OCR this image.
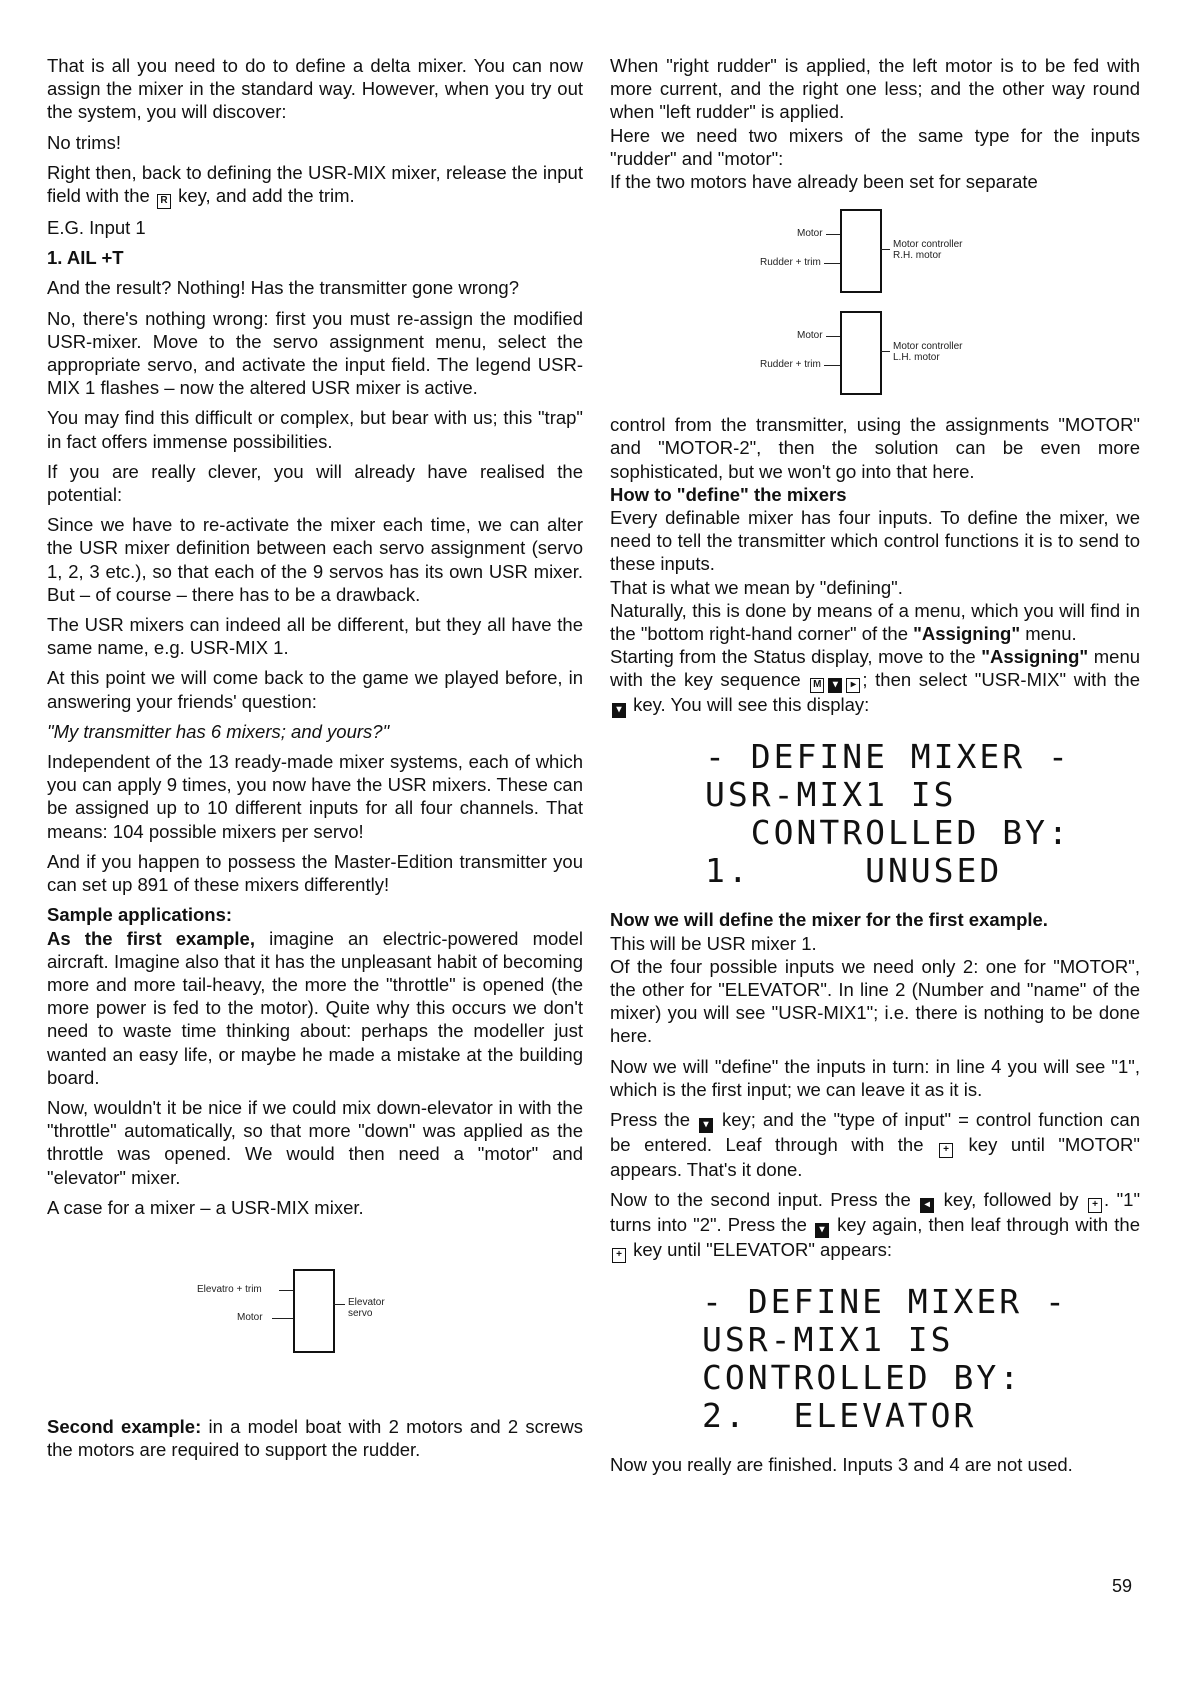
That is all you need to do to define a delta mixer. You can now assign the mixer in the standard way. However, when you try out the system, you will discover:

No trims!

Right then, back to defining the USR-MIX mixer, release the input field with the R key, and add the trim.

E.G. Input 1

1. AIL +T

And the result? Nothing! Has the transmitter gone wrong?

No, there's nothing wrong: first you must re-assign the modified USR-mixer. Move to the servo assignment menu, select the appropriate servo, and activate the input field. The legend USR-MIX 1 flashes – now the altered USR mixer is active.

You may find this difficult or complex, but bear with us; this "trap" in fact offers immense possibilities.

If you are really clever, you will already have realised the potential:

Since we have to re-activate the mixer each time, we can alter the USR mixer definition between each servo assignment (servo 1, 2, 3 etc.), so that each of the 9 servos has its own USR mixer. But – of course – there has to be a drawback.

The USR mixers can indeed all be different, but they all have the same name, e.g. USR-MIX 1.

At this point we will come back to the game we played before, in answering your friends' question:

"My transmitter has 6 mixers; and yours?"

Independent of the 13 ready-made mixer systems, each of which you can apply 9 times, you now have the USR mixers. These can be assigned up to 10 different inputs for all four channels. That means: 104 possible mixers per servo!

And if you happen to possess the Master-Edition transmitter you can set up 891 of these mixers differently!

Sample applications:

As the first example, imagine an electric-powered model aircraft. Imagine also that it has the unpleasant habit of becoming more and more tail-heavy, the more the "throttle" is opened (the more power is fed to the motor). Quite why this occurs we don't need to waste time thinking about: perhaps the modeller just wanted an easy life, or maybe he made a mistake at the building board.

Now, wouldn't it be nice if we could mix down-elevator in with the "throttle" automatically, so that more "down" was applied as the throttle was opened. We would then need a "motor" and "elevator" mixer.

A case for a mixer – a USR-MIX mixer.

Elevatro + trim
Motor
Elevator
servo

Second example: in a model boat with 2 motors and 2 screws the motors are required to support the rudder.

When "right rudder" is applied, the left motor is to be fed with more current, and the right one less; and the other way round when "left rudder" is applied.

Here we need two mixers of the same type for the inputs "rudder" and "motor":

If the two motors have already been set for separate

Motor
Rudder + trim
Motor controller
R.H. motor
Motor
Rudder + trim
Motor controller
L.H. motor

control from the transmitter, using the assignments "MOTOR" and "MOTOR-2", then the solution can be even more sophisticated, but we won't go into that here.

How to "define" the mixers

Every definable mixer has four inputs. To define the mixer, we need to tell the transmitter which control functions it is to send to these inputs.

That is what we mean by "defining".

Naturally, this is done by means of a menu, which you will find in the "bottom right-hand corner" of the "Assigning" menu.

Starting from the Status display, move to the "Assigning" menu with the key sequence M ▾ ▸ ; then select "USR-MIX" with the ▾ key. You will see this display:

- DEFINE MIXER -
USR-MIX1 IS
CONTROLLED BY:
1.     UNUSED

Now we will define the mixer for the first example.

This will be USR mixer 1.

Of the four possible inputs we need only 2: one for "MOTOR", the other for "ELEVATOR". In line 2 (Number and "name" of the mixer) you will see "USR-MIX1"; i.e. there is nothing to be done here.

Now we will "define" the inputs in turn: in line 4 you will see "1", which is the first input; we can leave it as it is.

Press the ▾ key; and the "type of input" = control function can be entered. Leaf through with the + key until "MOTOR" appears. That's it done.

Now to the second input. Press the ◂ key, followed by + . "1" turns into "2". Press the ▾ key again, then leaf through with the + key until "ELEVATOR" appears:

- DEFINE MIXER -
USR-MIX1 IS
CONTROLLED BY:
2.  ELEVATOR

Now you really are finished. Inputs 3 and 4 are not used.

59
